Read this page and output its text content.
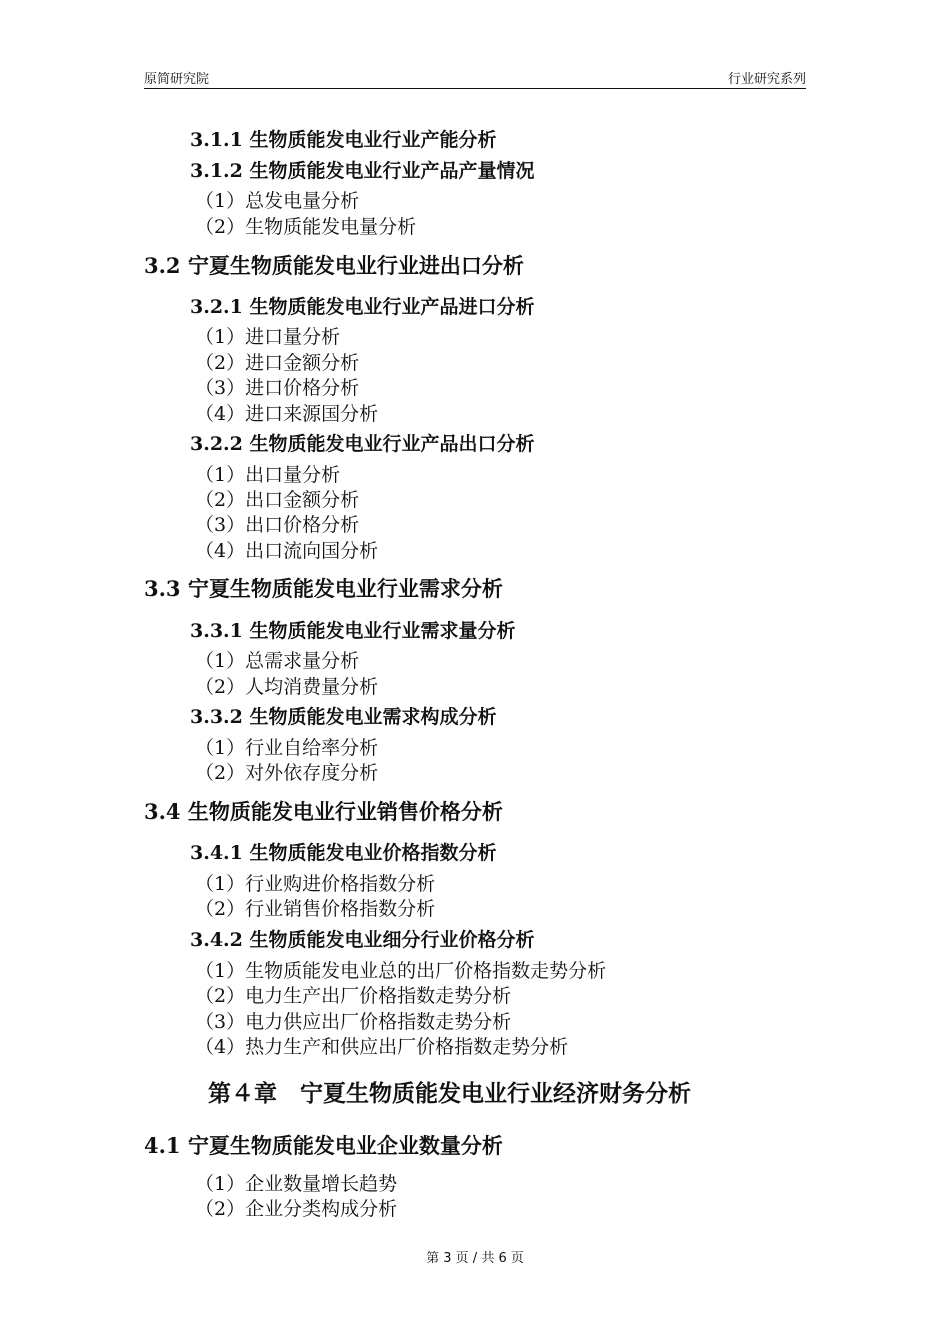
原简研究院	行业研究系列
3.1.1 生物质能发电业行业产能分析
3.1.2 生物质能发电业行业产品产量情况
（1）总发电量分析
（2）生物质能发电量分析
3.2 宁夏生物质能发电业行业进出口分析
3.2.1 生物质能发电业行业产品进口分析
（1）进口量分析
（2）进口金额分析
（3）进口价格分析
（4）进口来源国分析
3.2.2 生物质能发电业行业产品出口分析
（1）出口量分析
（2）出口金额分析
（3）出口价格分析
（4）出口流向国分析
3.3 宁夏生物质能发电业行业需求分析
3.3.1 生物质能发电业行业需求量分析
（1）总需求量分析
（2）人均消费量分析
3.3.2 生物质能发电业需求构成分析
（1）行业自给率分析
（2）对外依存度分析
3.4 生物质能发电业行业销售价格分析
3.4.1 生物质能发电业价格指数分析
（1）行业购进价格指数分析
（2）行业销售价格指数分析
3.4.2 生物质能发电业细分行业价格分析
（1）生物质能发电业总的出厂价格指数走势分析
（2）电力生产出厂价格指数走势分析
（3）电力供应出厂价格指数走势分析
（4）热力生产和供应出厂价格指数走势分析
第４章　宁夏生物质能发电业行业经济财务分析
4.1 宁夏生物质能发电业企业数量分析
（1）企业数量增长趋势
（2）企业分类构成分析
第 3 页 / 共 6 页
